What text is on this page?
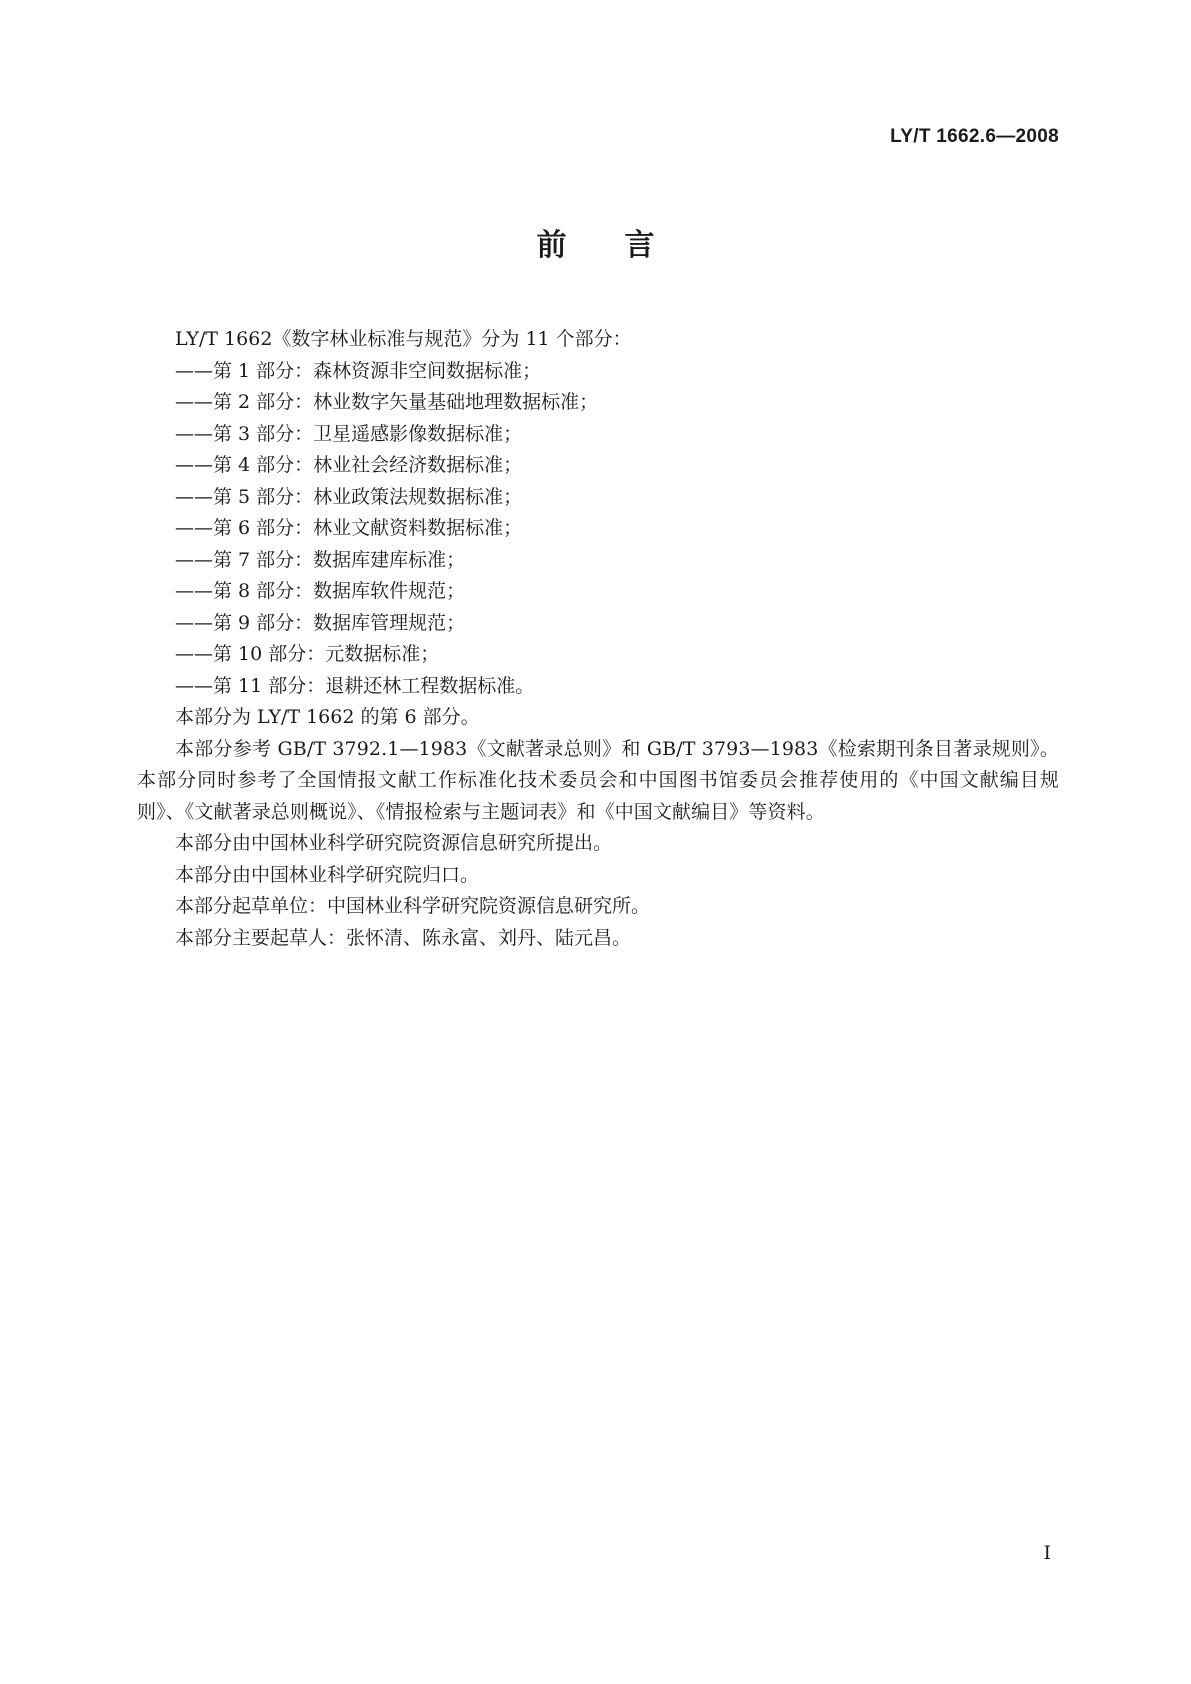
LY/T 1662.6—2008
前言

LY/T 1662《数字林业标准与规范》分为 11 个部分：

——第 1 部分：森林资源非空间数据标准；

——第 2 部分：林业数字矢量基础地理数据标准；

——第 3 部分：卫星遥感影像数据标准；

——第 4 部分：林业社会经济数据标准；

——第 5 部分：林业政策法规数据标准；

——第 6 部分：林业文献资料数据标准；

——第 7 部分：数据库建库标准；

——第 8 部分：数据库软件规范；

——第 9 部分：数据库管理规范；

——第 10 部分：元数据标准；

——第 11 部分：退耕还林工程数据标准。

本部分为 LY/T 1662 的第 6 部分。

本部分参考 GB/T 3792.1—1983《文献著录总则》和 GB/T 3793—1983《检索期刊条目著录规则》。本部分同时参考了全国情报文献工作标准化技术委员会和中国图书馆委员会推荐使用的《中国文献编目规则》、《文献著录总则概说》、《情报检索与主题词表》和《中国文献编目》等资料。

本部分由中国林业科学研究院资源信息研究所提出。

本部分由中国林业科学研究院归口。

本部分起草单位：中国林业科学研究院资源信息研究所。

本部分主要起草人：张怀清、陈永富、刘丹、陆元昌。

I
